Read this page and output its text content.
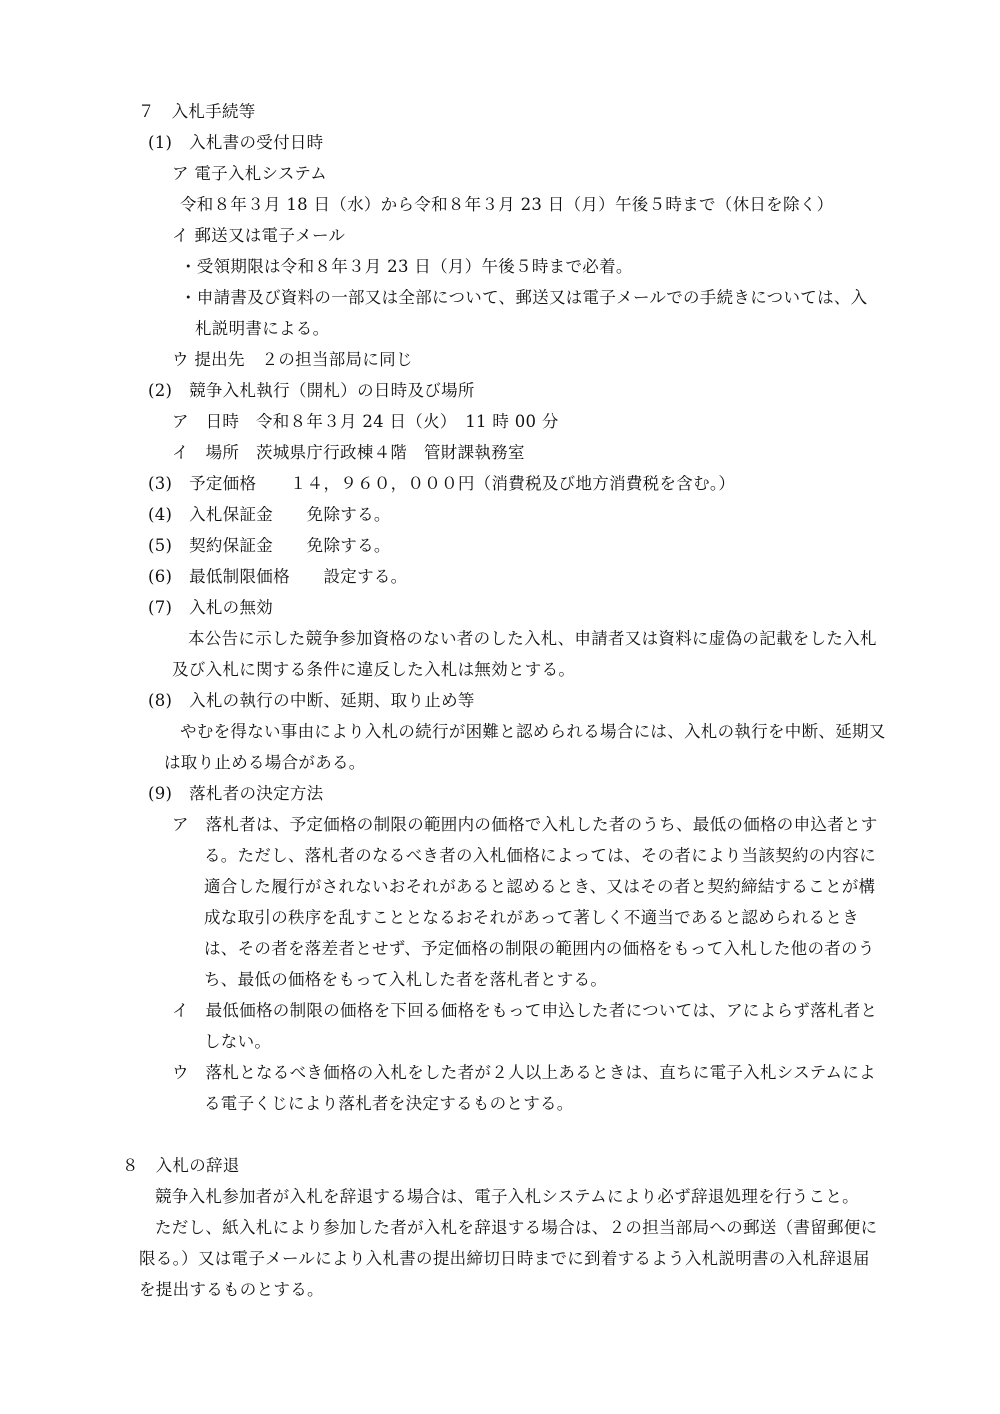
７　入札手続等
(1)　入札書の受付日時
ア 電子入札システム
令和８年３月 18 日（水）から令和８年３月 23 日（月）午後５時まで（休日を除く）
イ 郵送又は電子メール
・受領期限は令和８年３月 23 日（月）午後５時まで必着。
・申請書及び資料の一部又は全部について、郵送又は電子メールでの手続きについては、入
札説明書による。
ウ 提出先　２の担当部局に同じ
(2)　競争入札執行（開札）の日時及び場所
ア　日時　令和８年３月 24 日（火）　11 時 00 分
イ　場所　茨城県庁行政棟４階　管財課執務室
(3)　予定価格　　１４，９６０，０００円（消費税及び地方消費税を含む。）
(4)　入札保証金　　免除する。
(5)　契約保証金　　免除する。
(6)　最低制限価格　　設定する。
(7)　入札の無効
本公告に示した競争参加資格のない者のした入札、申請者又は資料に虚偽の記載をした入札
及び入札に関する条件に違反した入札は無効とする。
(8)　入札の執行の中断、延期、取り止め等
やむを得ない事由により入札の続行が困難と認められる場合には、入札の執行を中断、延期又
は取り止める場合がある。
(9)　落札者の決定方法
ア　落札者は、予定価格の制限の範囲内の価格で入札した者のうち、最低の価格の申込者とす
る。ただし、落札者のなるべき者の入札価格によっては、その者により当該契約の内容に
適合した履行がされないおそれがあると認めるとき、又はその者と契約締結することが構
成な取引の秩序を乱すこととなるおそれがあって著しく不適当であると認められるとき
は、その者を落差者とせず、予定価格の制限の範囲内の価格をもって入札した他の者のう
ち、最低の価格をもって入札した者を落札者とする。
イ　最低価格の制限の価格を下回る価格をもって申込した者については、アによらず落札者と
しない。
ウ　落札となるべき価格の入札をした者が２人以上あるときは、直ちに電子入札システムによ
る電子くじにより落札者を決定するものとする。
８　入札の辞退
競争入札参加者が入札を辞退する場合は、電子入札システムにより必ず辞退処理を行うこと。
ただし、紙入札により参加した者が入札を辞退する場合は、２の担当部局への郵送（書留郵便に
限る。）又は電子メールにより入札書の提出締切日時までに到着するよう入札説明書の入札辞退届
を提出するものとする。
